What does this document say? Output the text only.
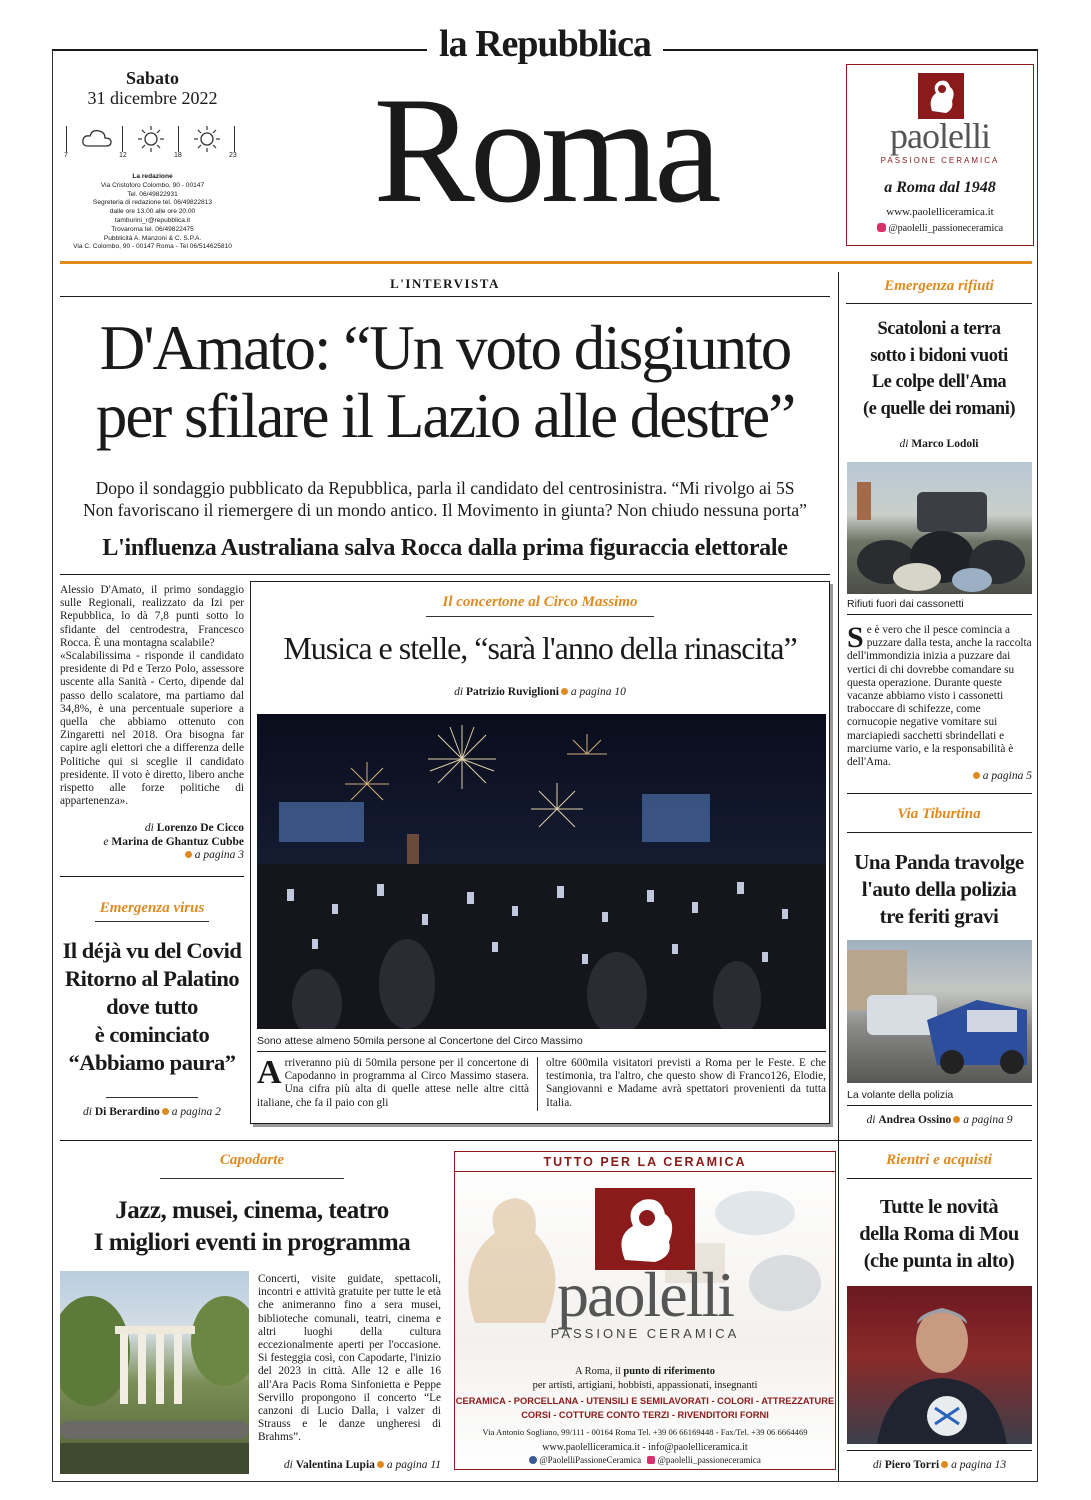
la Repubblica
Roma
Sabato
31 dicembre 2022
7	12	18	23
La redazione
Via Cristoforo Colombo, 90 - 00147
Tel. 06/49822931
Segreteria di redazione tel. 06/49822813
dalle ore 13.00 alle ore 20.00
tamburini_r@repubblica.it
Trovaroma tel. 06/49822475
Pubblicità A. Manzoni & C. S.P.A.
Via C. Colombo, 90 - 00147 Roma - Tel 06/514625810
paolelli
PASSIONE CERAMICA
a Roma dal 1948
www.paolelliceramica.it
@paolelli_passioneceramica
L'INTERVISTA
D'Amato: “Un voto disgiunto
per sfilare il Lazio alle destre”
Dopo il sondaggio pubblicato da Repubblica, parla il candidato del centrosinistra. “Mi rivolgo ai 5S
Non favoriscano il riemergere di un mondo antico. Il Movimento in giunta? Non chiudo nessuna porta”
L'influenza Australiana salva Rocca dalla prima figuraccia elettorale

Alessio D'Amato, il primo sondaggio sulle Regionali, realizzato da Izi per Repubblica, lo dà 7,8 punti sotto lo sfidante del centrodestra, Francesco Rocca. È una montagna scalabile?

«Scalabilissima - risponde il candidato presidente di Pd e Terzo Polo, assessore uscente alla Sanità - Certo, dipende dal passo dello scalatore, ma partiamo dal 34,8%, è una percentuale superiore a quella che abbiamo ottenuto con Zingaretti nel 2018. Ora bisogna far capire agli elettori che a differenza delle Politiche qui si sceglie il candidato presidente. Il voto è diretto, libero anche rispetto alle forze politiche di appartenenza».

di Lorenzo De Cicco
e Marina de Ghantuz Cubbe
a pagina 3
Emergenza virus
Il déjà vu del Covid
Ritorno al Palatino
dove tutto
è cominciato
“Abbiamo paura”
di Di Berardino a pagina 2
Il concertone al Circo Massimo
Musica e stelle, “sarà l'anno della rinascita”
di Patrizio Ruviglioni a pagina 10
Sono attese almeno 50mila persone al Concertone del Circo Massimo
Arriveranno più di 50mila persone per il concertone di Capodanno in programma al Circo Massimo stasera. Una cifra più alta di quelle attese nelle altre città italiane, che fa il paio con gli
oltre 600mila visitatori previsti a Roma per le Feste. E che testimonia, tra l'altro, che questo show di Franco126, Elodie, Sangiovanni e Madame avrà spettatori provenienti da tutta Italia.
Emergenza rifiuti
Scatoloni a terra
sotto i bidoni vuoti
Le colpe dell'Ama
(e quelle dei romani)
di Marco Lodoli
Rifiuti fuori dai cassonetti
Se è vero che il pesce comincia a puzzare dalla testa, anche la raccolta dell'immondizia inizia a puzzare dai vertici di chi dovrebbe comandare su questa operazione. Durante queste vacanze abbiamo visto i cassonetti traboccare di schifezze, come cornucopie negative vomitare sui marciapiedi sacchetti sbrindellati e marciume vario, e la responsabilità è dell'Ama.
a pagina 5
Via Tiburtina
Una Panda travolge
l'auto della polizia
tre feriti gravi
La volante della polizia
di Andrea Ossino a pagina 9
Capodarte
Jazz, musei, cinema, teatro
I migliori eventi in programma
Concerti, visite guidate, spettacoli, incontri e attività gratuite per tutte le età che animeranno fino a sera musei, biblioteche comunali, teatri, cinema e altri luoghi della cultura eccezionalmente aperti per l'occasione. Si festeggia così, con Capodarte, l'inizio del 2023 in città. Alle 12 e alle 16 all'Ara Pacis Roma Sinfonietta e Peppe Servillo propongono il concerto “Le canzoni di Lucio Dalla, i valzer di Strauss e le danze ungheresi di Brahms”.
di Valentina Lupia a pagina 11
TUTTO PER LA CERAMICA
paolelli
PASSIONE CERAMICA
A Roma, il punto di riferimento
per artisti, artigiani, hobbisti, appassionati, insegnanti
CERAMICA - PORCELLANA - UTENSILI E SEMILAVORATI - COLORI - ATTREZZATURE
CORSI - COTTURE CONTO TERZI - RIVENDITORI FORNI
Via Antonio Sogliano, 99/111 - 00164 Roma Tel. +39 06 66169448 - Fax/Tel. +39 06 6664469
www.paolelliceramica.it - info@paolelliceramica.it
@PaolelliPassioneCeramica @paolelli_passioneceramica
Rientri e acquisti
Tutte le novità
della Roma di Mou
(che punta in alto)
di Piero Torri a pagina 13
